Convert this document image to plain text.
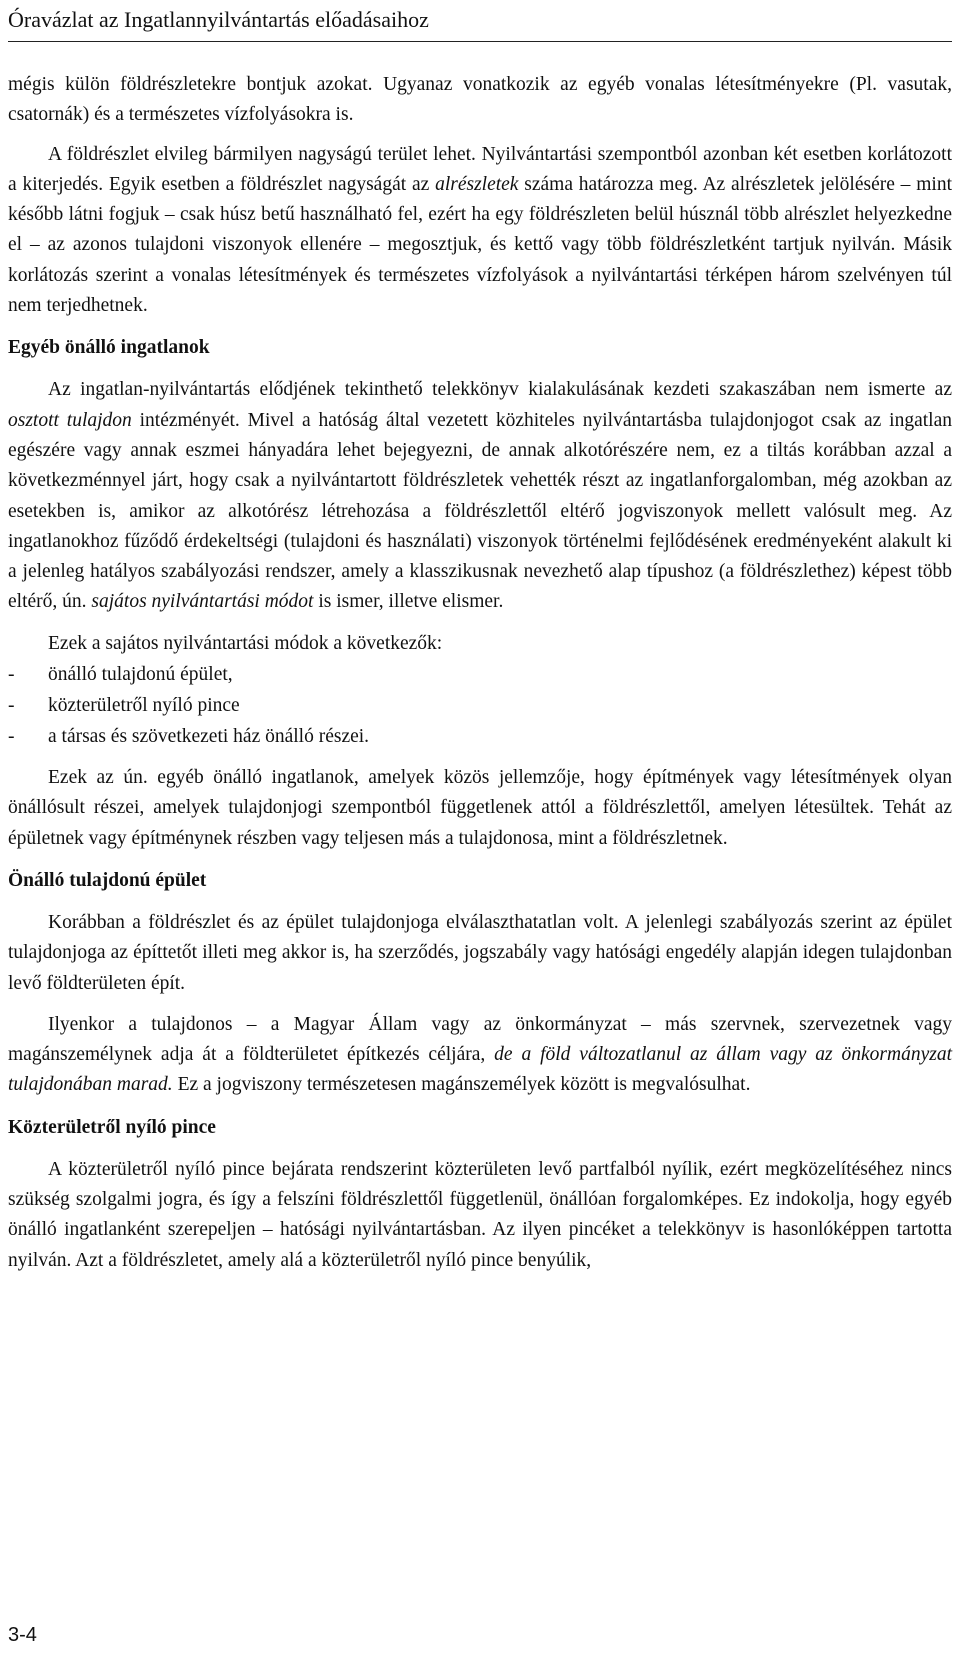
Óravázlat az Ingatlannyilvántartás előadásaihoz

mégis külön földrészletekre bontjuk azokat. Ugyanaz vonatkozik az egyéb vonalas létesítményekre (Pl. vasutak, csatornák) és a természetes vízfolyásokra is.

A földrészlet elvileg bármilyen nagyságú terület lehet. Nyilvántartási szempontból azonban két esetben korlátozott a kiterjedés. Egyik esetben a földrészlet nagyságát az alrészletek száma határozza meg. Az alrészletek jelölésére – mint később látni fogjuk – csak húsz betű használható fel, ezért ha egy földrészleten belül húsznál több alrészlet helyezkedne el – az azonos tulajdoni viszonyok ellenére – megosztjuk, és kettő vagy több földrészletként tartjuk nyilván. Másik korlátozás szerint a vonalas létesítmények és természetes vízfolyások a nyilvántartási térképen három szelvényen túl nem terjedhetnek.

Egyéb önálló ingatlanok

Az ingatlan-nyilvántartás elődjének tekinthető telekkönyv kialakulásának kezdeti szakaszában nem ismerte az osztott tulajdon intézményét. Mivel a hatóság által vezetett közhiteles nyilvántartásba tulajdonjogot csak az ingatlan egészére vagy annak eszmei hányadára lehet bejegyezni, de annak alkotórészére nem, ez a tiltás korábban azzal a következménnyel járt, hogy csak a nyilvántartott földrészletek vehették részt az ingatlanforgalomban, még azokban az esetekben is, amikor az alkotórész létrehozása a földrészlettől eltérő jogviszonyok mellett valósult meg. Az ingatlanokhoz fűződő érdekeltségi (tulajdoni és használati) viszonyok történelmi fejlődésének eredményeként alakult ki a jelenleg hatályos szabályozási rendszer, amely a klasszikusnak nevezhető alap típushoz (a földrészlethez) képest több eltérő, ún. sajátos nyilvántartási módot is ismer, illetve elismer.

Ezek a sajátos nyilvántartási módok a következők:

-	önálló tulajdonú épület,
-	közterületről nyíló pince
-	a társas és szövetkezeti ház önálló részei.

Ezek az ún. egyéb önálló ingatlanok, amelyek közös jellemzője, hogy építmények vagy létesítmények olyan önállósult részei, amelyek tulajdonjogi szempontból függetlenek attól a földrészlettől, amelyen létesültek. Tehát az épületnek vagy építménynek részben vagy teljesen más a tulajdonosa, mint a földrészletnek.

Önálló tulajdonú épület

Korábban a földrészlet és az épület tulajdonjoga elválaszthatatlan volt. A jelenlegi szabályozás szerint az épület tulajdonjoga az építtetőt illeti meg akkor is, ha szerződés, jogszabály vagy hatósági engedély alapján idegen tulajdonban levő földterületen épít.

Ilyenkor a tulajdonos – a Magyar Állam vagy az önkormányzat – más szervnek, szervezetnek vagy magánszemélynek adja át a földterületet építkezés céljára, de a föld változatlanul az állam vagy az önkormányzat tulajdonában marad. Ez a jogviszony természetesen magánszemélyek között is megvalósulhat.

Közterületről nyíló pince

A közterületről nyíló pince bejárata rendszerint közterületen levő partfalból nyílik, ezért megközelítéséhez nincs szükség szolgalmi jogra, és így a felszíni földrészlettől függetlenül, önállóan forgalomképes. Ez indokolja, hogy egyéb önálló ingatlanként szerepeljen – hatósági nyilvántartásban. Az ilyen pincéket a telekkönyv is hasonlóképpen tartotta nyilván. Azt a földrészletet, amely alá a közterületről nyíló pince benyúlik,

3-4
